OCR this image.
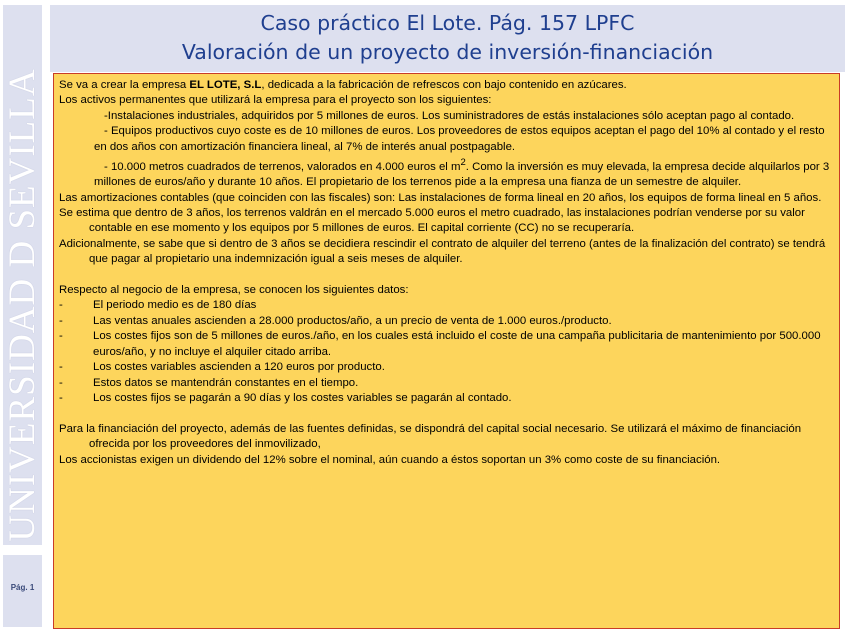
UNIVERSIDAD D SEVILLA
Pág. 1
Caso práctico El Lote. Pág. 157 LPFC
Valoración de un proyecto de inversión-financiación

Se va a crear la empresa EL LOTE, S.L, dedicada a la fabricación de refrescos con bajo contenido en azúcares.

Los activos permanentes que utilizará la empresa para el proyecto son los siguientes:

-Instalaciones industriales, adquiridos por 5 millones de euros. Los suministradores de estás instalaciones sólo aceptan pago al contado.

- Equipos productivos cuyo coste es de 10 millones de euros. Los proveedores de estos equipos aceptan el pago del 10% al contado y el resto en dos años con amortización financiera lineal, al 7% de interés anual postpagable.

- 10.000 metros cuadrados de terrenos, valorados en 4.000 euros el $m^2$. Como la inversión es muy elevada, la empresa decide alquilarlos por 3 millones de euros/año y durante 10 años. El propietario de los terrenos pide a la empresa una fianza de un semestre de alquiler.

Las amortizaciones contables (que coinciden con las fiscales) son: Las instalaciones de forma lineal en 20 años, los equipos de forma lineal en 5 años.

Se estima que dentro de 3 años, los terrenos valdrán en el mercado 5.000 euros el metro cuadrado, las instalaciones podrían venderse por su valor contable en ese momento y los equipos por 5 millones de euros. El capital corriente (CC) no se recuperaría.

Adicionalmente, se sabe que si dentro de 3 años se decidiera rescindir el contrato de alquiler del terreno (antes de la finalización del contrato) se tendrá que pagar al propietario una indemnización igual a seis meses de alquiler.

Respecto al negocio de la empresa, se conocen los siguientes datos:

-	El periodo medio es de 180 días
-	Las ventas anuales ascienden a 28.000 productos/año, a un precio de venta de 1.000 euros./producto.
-	Los costes fijos son de 5 millones de euros./año, en los cuales está incluido el coste de una campaña publicitaria de mantenimiento por 500.000 euros/año, y no incluye el alquiler citado arriba.
-	Los costes variables ascienden a 120 euros por producto.
-	Estos datos se mantendrán constantes en el tiempo.
-	Los costes fijos se pagarán a 90 días y los costes variables se pagarán al contado.

Para la financiación del proyecto, además de las fuentes definidas, se dispondrá del capital social necesario. Se utilizará el máximo de financiación ofrecida por los proveedores del inmovilizado,

Los accionistas exigen un dividendo del 12% sobre el nominal, aún cuando a éstos soportan un 3% como coste de su financiación.
